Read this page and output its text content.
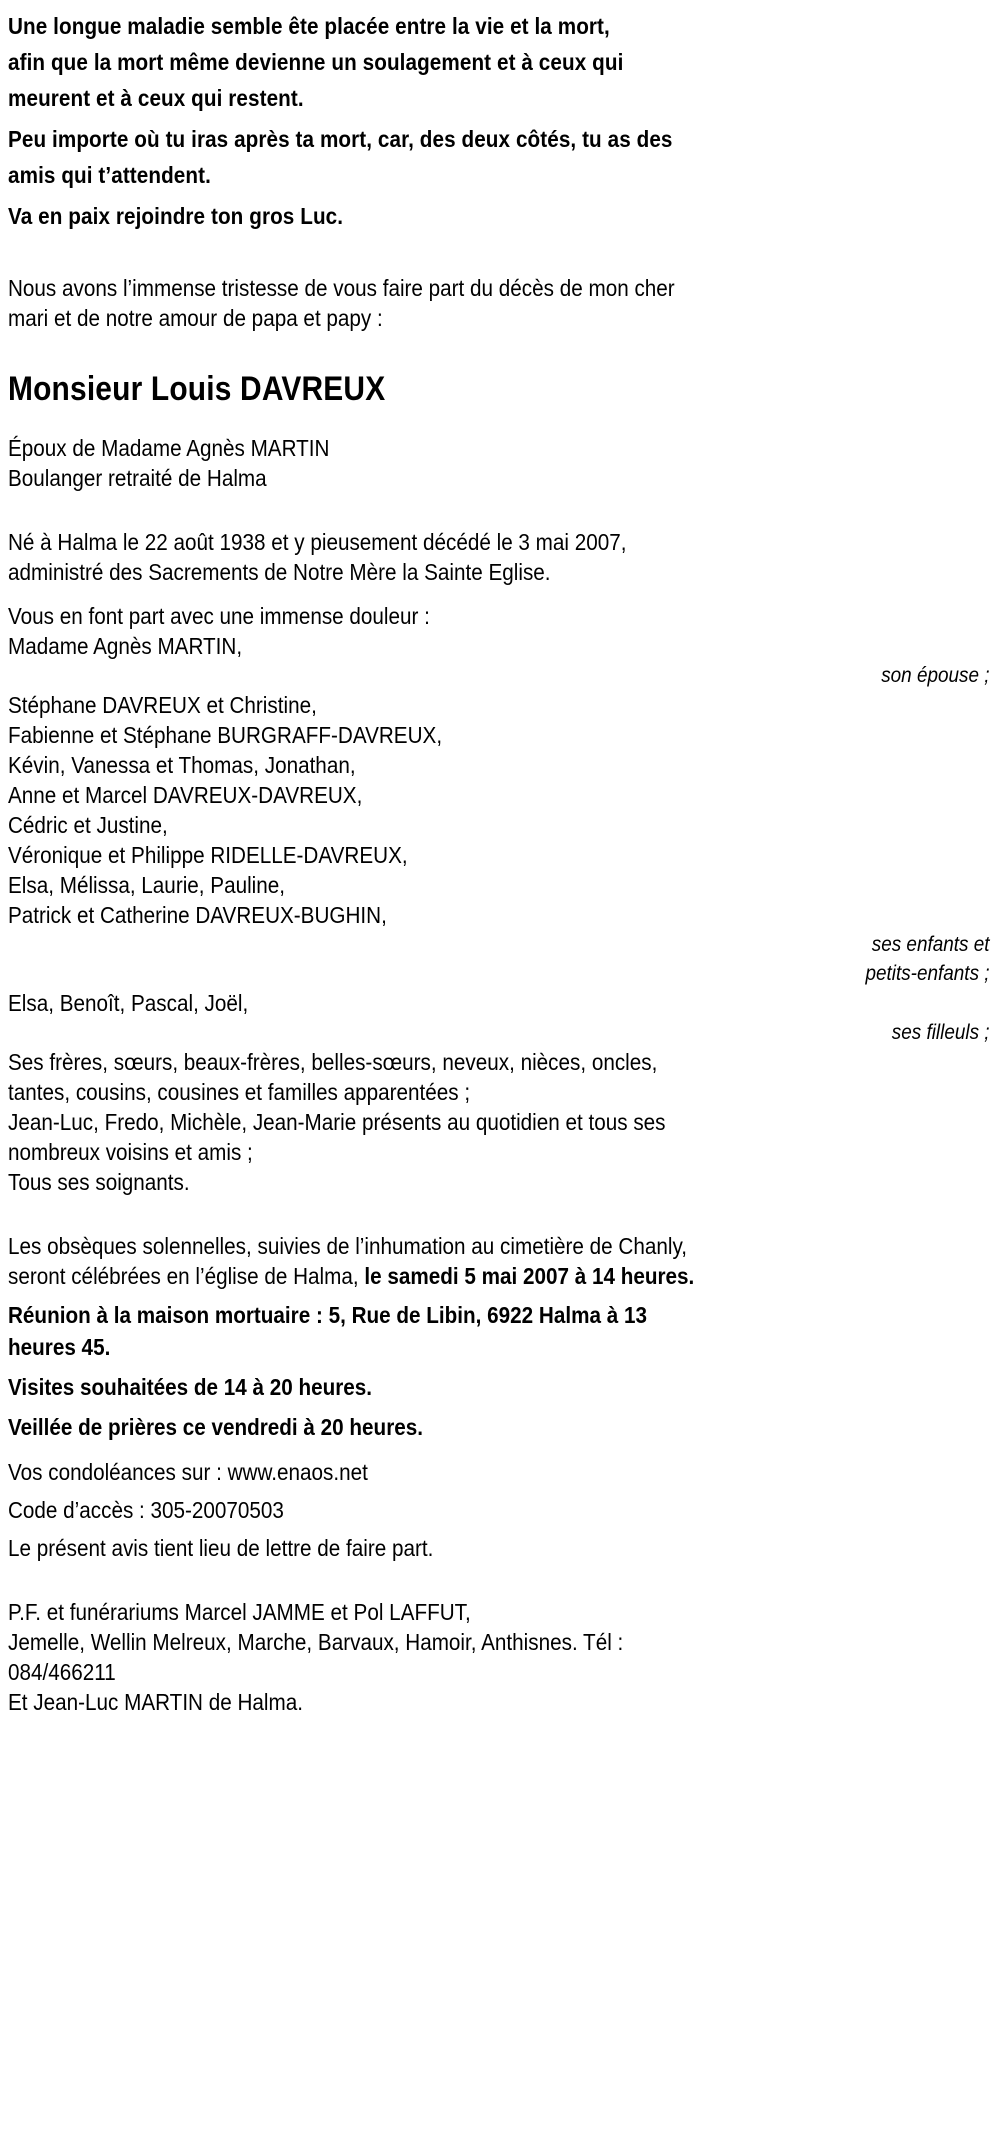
Une longue maladie semble ête placée entre la vie et la mort,
afin que la mort même devienne un soulagement et à ceux qui
meurent et à ceux qui restent.
Peu importe où tu iras après ta mort, car, des deux côtés, tu as des
amis qui t’attendent.
Va en paix rejoindre ton gros Luc.
Nous avons l’immense tristesse de vous faire part du décès de mon cher
mari et de notre amour de papa et papy :
Monsieur Louis DAVREUX
Époux de Madame Agnès MARTIN
Boulanger retraité de Halma
Né à Halma le 22 août 1938 et y pieusement décédé le 3 mai 2007,
administré des Sacrements de Notre Mère la Sainte Eglise.
Vous en font part avec une immense douleur :
Madame Agnès MARTIN,
son épouse ;
Stéphane DAVREUX et Christine,
Fabienne et Stéphane BURGRAFF-DAVREUX,
Kévin, Vanessa et Thomas, Jonathan,
Anne et Marcel DAVREUX-DAVREUX,
Cédric et Justine,
Véronique et Philippe RIDELLE-DAVREUX,
Elsa, Mélissa, Laurie, Pauline,
Patrick et Catherine DAVREUX-BUGHIN,
ses enfants et
petits-enfants ;
Elsa, Benoît, Pascal, Joël,
ses filleuls ;
Ses frères, sœurs, beaux-frères, belles-sœurs, neveux, nièces, oncles,
tantes, cousins, cousines et familles apparentées ;
Jean-Luc, Fredo, Michèle, Jean-Marie présents au quotidien et tous ses
nombreux voisins et amis ;
Tous ses soignants.
Les obsèques solennelles, suivies de l’inhumation au cimetière de Chanly,
seront célébrées en l’église de Halma, le samedi 5 mai 2007 à 14 heures.
Réunion à la maison mortuaire : 5, Rue de Libin, 6922 Halma à 13
heures 45.
Visites souhaitées de 14 à 20 heures.
Veillée de prières ce vendredi à 20 heures.
Vos condoléances sur : www.enaos.net
Code d’accès : 305-20070503
Le présent avis tient lieu de lettre de faire part.
P.F. et funérariums Marcel JAMME et Pol LAFFUT,
Jemelle, Wellin Melreux, Marche, Barvaux, Hamoir, Anthisnes. Tél :
084/466211
Et Jean-Luc MARTIN de Halma.
